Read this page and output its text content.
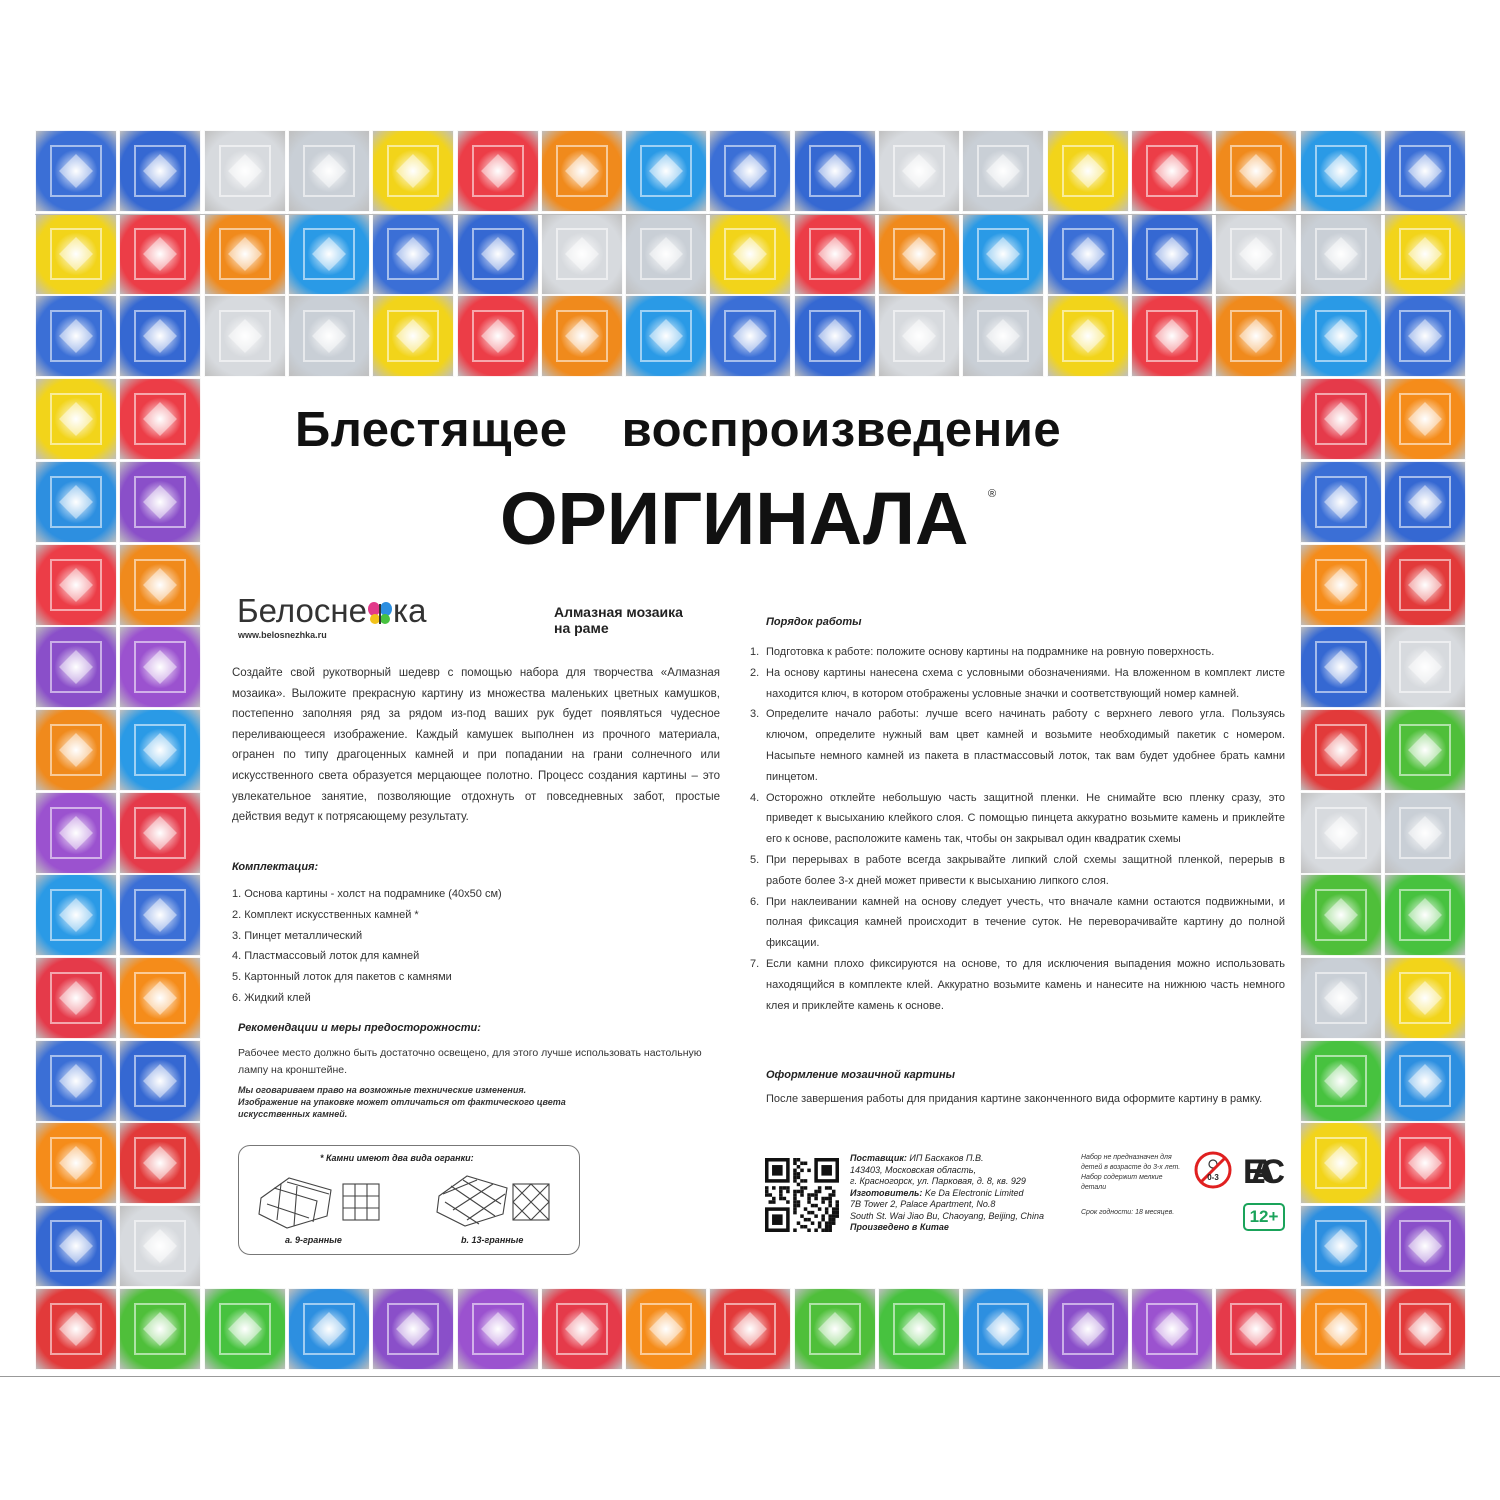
Блестящее воспроизведение
ОРИГИНАЛА ®
Белосне ка
www.belosnezhka.ru
Алмазная мозаика
на раме
Создайте свой рукотворный шедевр с помощью набора для творчества «Алмазная мозаика». Выложите прекрасную картину из множества маленьких цветных камушков, постепенно заполняя ряд за рядом из-под ваших рук будет появляться чудесное переливающееся изображение. Каждый камушек выполнен из прочного материала, огранен по типу драгоценных камней и при попадании на грани солнечного или искусственного света образуется мерцающее полотно. Процесс создания картины – это увлекательное занятие, позволяющие отдохнуть от повседневных забот, простые действия ведут к потрясающему результату.
Комплектация:
1. Основа картины - холст на подрамнике (40х50 см)
2. Комплект искусственных камней *
3. Пинцет металлический
4. Пластмассовый лоток для камней
5. Картонный лоток для пакетов с камнями
6. Жидкий клей
Рекомендации и меры предосторожности:
Рабочее место должно быть достаточно освещено, для этого лучше использовать настольную лампу на кронштейне.
Мы оговариваем право на возможные технические изменения. Изображение на упаковке может отличаться от фактического цвета искусственных камней.
* Камни имеют два вида огранки:
a. 9-гранные	b. 13-гранные
Порядок работы
1. Подготовка к работе: положите основу картины на подрамнике на ровную поверхность.
2. На основу картины нанесена схема с условными обозначениями. На вложенном в комплект листе находится ключ, в котором отображены условные значки и соответствующий номер камней.
3. Определите начало работы: лучше всего начинать работу с верхнего левого угла. Пользуясь ключом, определите нужный вам цвет камней и возьмите необходимый пакетик с номером. Насыпьте немного камней из пакета в пластмассовый лоток, так вам будет удобнее брать камни пинцетом.
4. Осторожно отклейте небольшую часть защитной пленки. Не снимайте всю пленку сразу, это приведет к высыханию клейкого слоя. С помощью пинцета аккуратно возьмите камень и приклейте его к основе, расположите камень так, чтобы он закрывал один квадратик схемы
5. При перерывах в работе всегда закрывайте липкий слой схемы защитной пленкой, перерыв в работе более 3-х дней может привести к высыханию липкого слоя.
6. При наклеивании камней на основу следует учесть, что вначале камни остаются подвижными, и полная фиксация камней происходит в течение суток. Не переворачивайте картину до полной фиксации.
7. Если камни плохо фиксируются на основе, то для исключения выпадения можно использовать находящийся в комплекте клей. Аккуратно возьмите камень и нанесите на нижнюю часть немного клея и приклейте камень к основе.
Оформление мозаичной картины
После завершения работы для придания картине законченного вида оформите картину в рамку.
Поставщик: ИП Баскаков П.В.
143403, Московская область,
г. Красногорск, ул. Парковая, д. 8, кв. 929
Изготовитель: Ke Da Electronic Limited
7B Tower 2, Palace Apartment, No.8
South St. Wai Jiao Bu, Chaoyang, Beijing, China
Произведено в Китае
Набор не предназначен для детей в возрасте до 3-х лет.
Набор содержит мелкие детали
Срок годности: 18 месяцев.
0-3 EAC
12+
